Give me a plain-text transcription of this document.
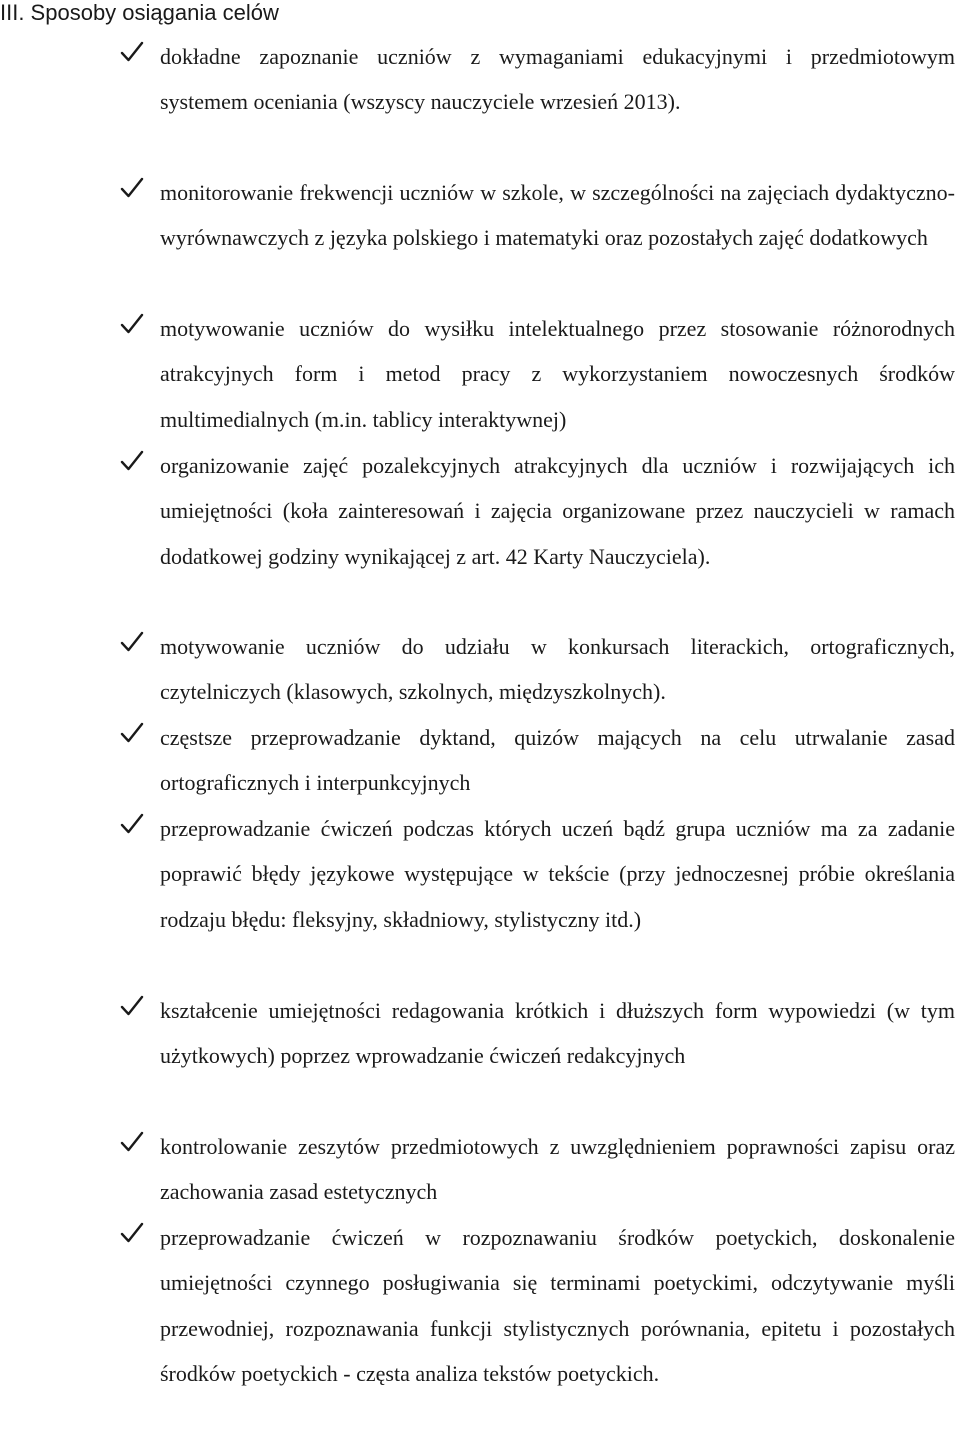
III. Sposoby osiągania celów

dokładne zapoznanie uczniów z wymaganiami edukacyjnymi i przedmiotowym systemem oceniania (wszyscy nauczyciele wrzesień 2013).

monitorowanie frekwencji uczniów w szkole, w szczególności na zajęciach dydaktyczno-wyrównawczych z języka polskiego i matematyki oraz pozostałych zajęć dodatkowych

motywowanie uczniów do wysiłku intelektualnego przez stosowanie różnorodnych atrakcyjnych form i metod pracy z wykorzystaniem nowoczesnych środków multimedialnych (m.in. tablicy interaktywnej)

organizowanie zajęć pozalekcyjnych atrakcyjnych dla uczniów i rozwijających ich umiejętności (koła zainteresowań i zajęcia organizowane przez nauczycieli w ramach dodatkowej godziny wynikającej z art. 42 Karty Nauczyciela).

motywowanie uczniów do udziału w konkursach literackich, ortograficznych, czytelniczych (klasowych, szkolnych, międzyszkolnych).

częstsze przeprowadzanie dyktand, quizów mających na celu utrwalanie zasad ortograficznych i interpunkcyjnych

przeprowadzanie ćwiczeń podczas których uczeń bądź grupa uczniów ma za zadanie poprawić błędy językowe występujące w tekście (przy jednoczesnej próbie określania rodzaju błędu: fleksyjny, składniowy, stylistyczny itd.)

kształcenie umiejętności redagowania krótkich i dłuższych form wypowiedzi (w tym użytkowych) poprzez wprowadzanie ćwiczeń redakcyjnych

kontrolowanie zeszytów przedmiotowych z uwzględnieniem poprawności zapisu oraz zachowania zasad estetycznych

przeprowadzanie ćwiczeń w rozpoznawaniu środków poetyckich, doskonalenie umiejętności czynnego posługiwania się terminami poetyckimi, odczytywanie myśli przewodniej, rozpoznawania funkcji stylistycznych porównania, epitetu i pozostałych środków poetyckich - częsta analiza tekstów poetyckich.
